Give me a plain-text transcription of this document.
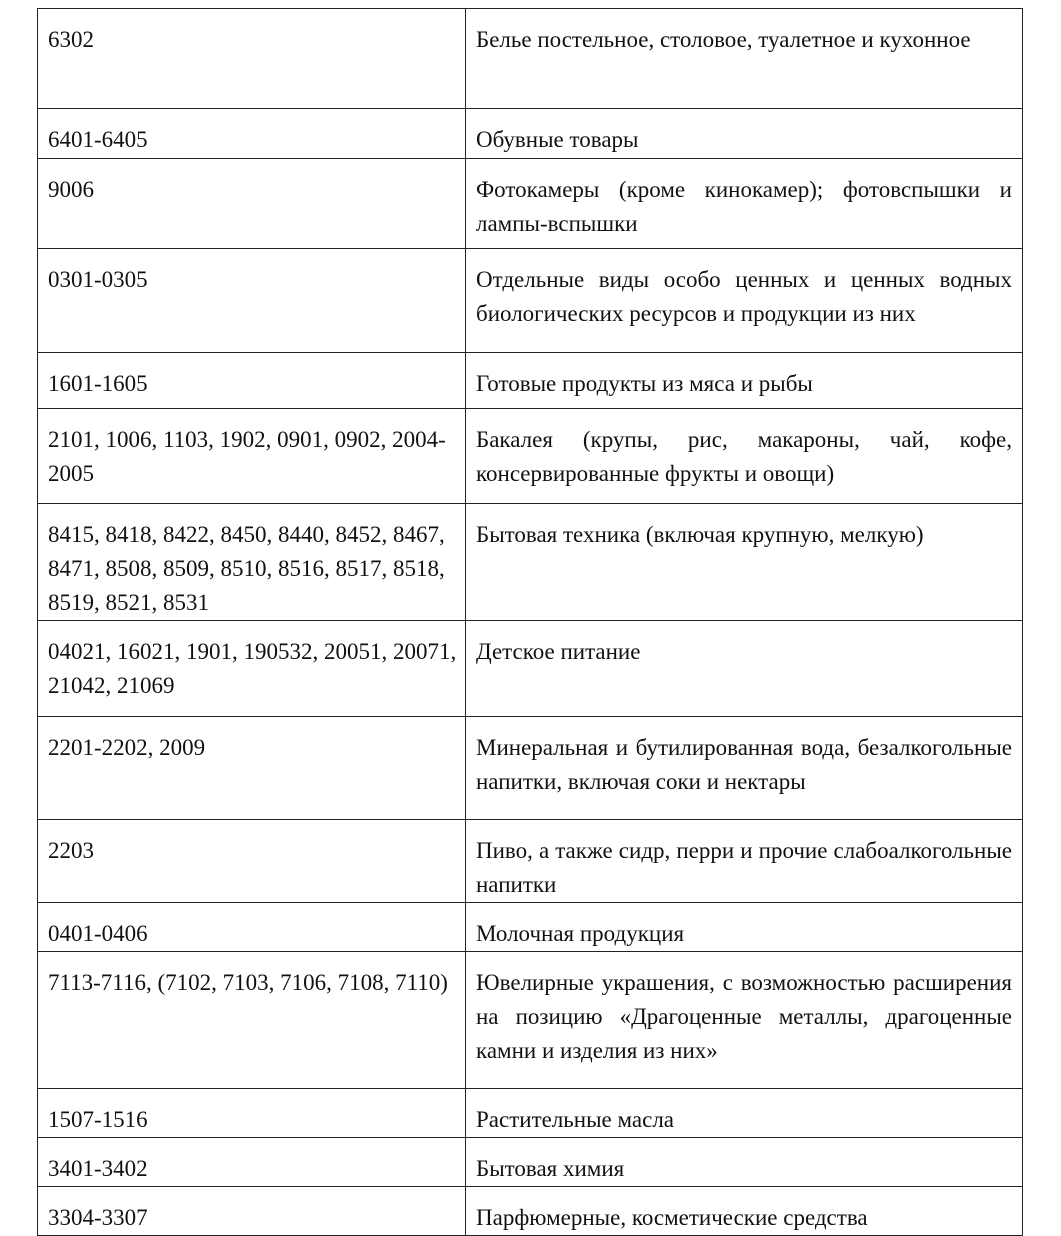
6302	Белье постельное, столовое, туалетное и кухонное
6401-6405	Обувные товары
9006	Фотокамеры (кроме кинокамер); фотовспышки и лампы-вспышки
0301-0305	Отдельные виды особо ценных и ценных водных биологических ресурсов и продукции из них
1601-1605	Готовые продукты из мяса и рыбы
2101, 1006, 1103, 1902, 0901, 0902, 2004-2005	Бакалея (крупы, рис, макароны, чай, кофе, консервированные фрукты и овощи)
8415, 8418, 8422, 8450, 8440, 8452, 8467, 8471, 8508, 8509, 8510, 8516, 8517, 8518, 8519, 8521, 8531	Бытовая техника (включая крупную, мелкую)
04021, 16021, 1901, 190532, 20051, 20071, 21042, 21069	Детское питание
2201-2202, 2009	Минеральная и бутилированная вода, безалкогольные напитки, включая соки и нектары
2203	Пиво, а также сидр, перри и прочие слабоалкогольные напитки
0401-0406	Молочная продукция
7113-7116, (7102, 7103, 7106, 7108, 7110)	Ювелирные украшения, с возможностью расширения на позицию «Драгоценные металлы, драгоценные камни и изделия из них»
1507-1516	Растительные масла
3401-3402	Бытовая химия
3304-3307	Парфюмерные, косметические средства
